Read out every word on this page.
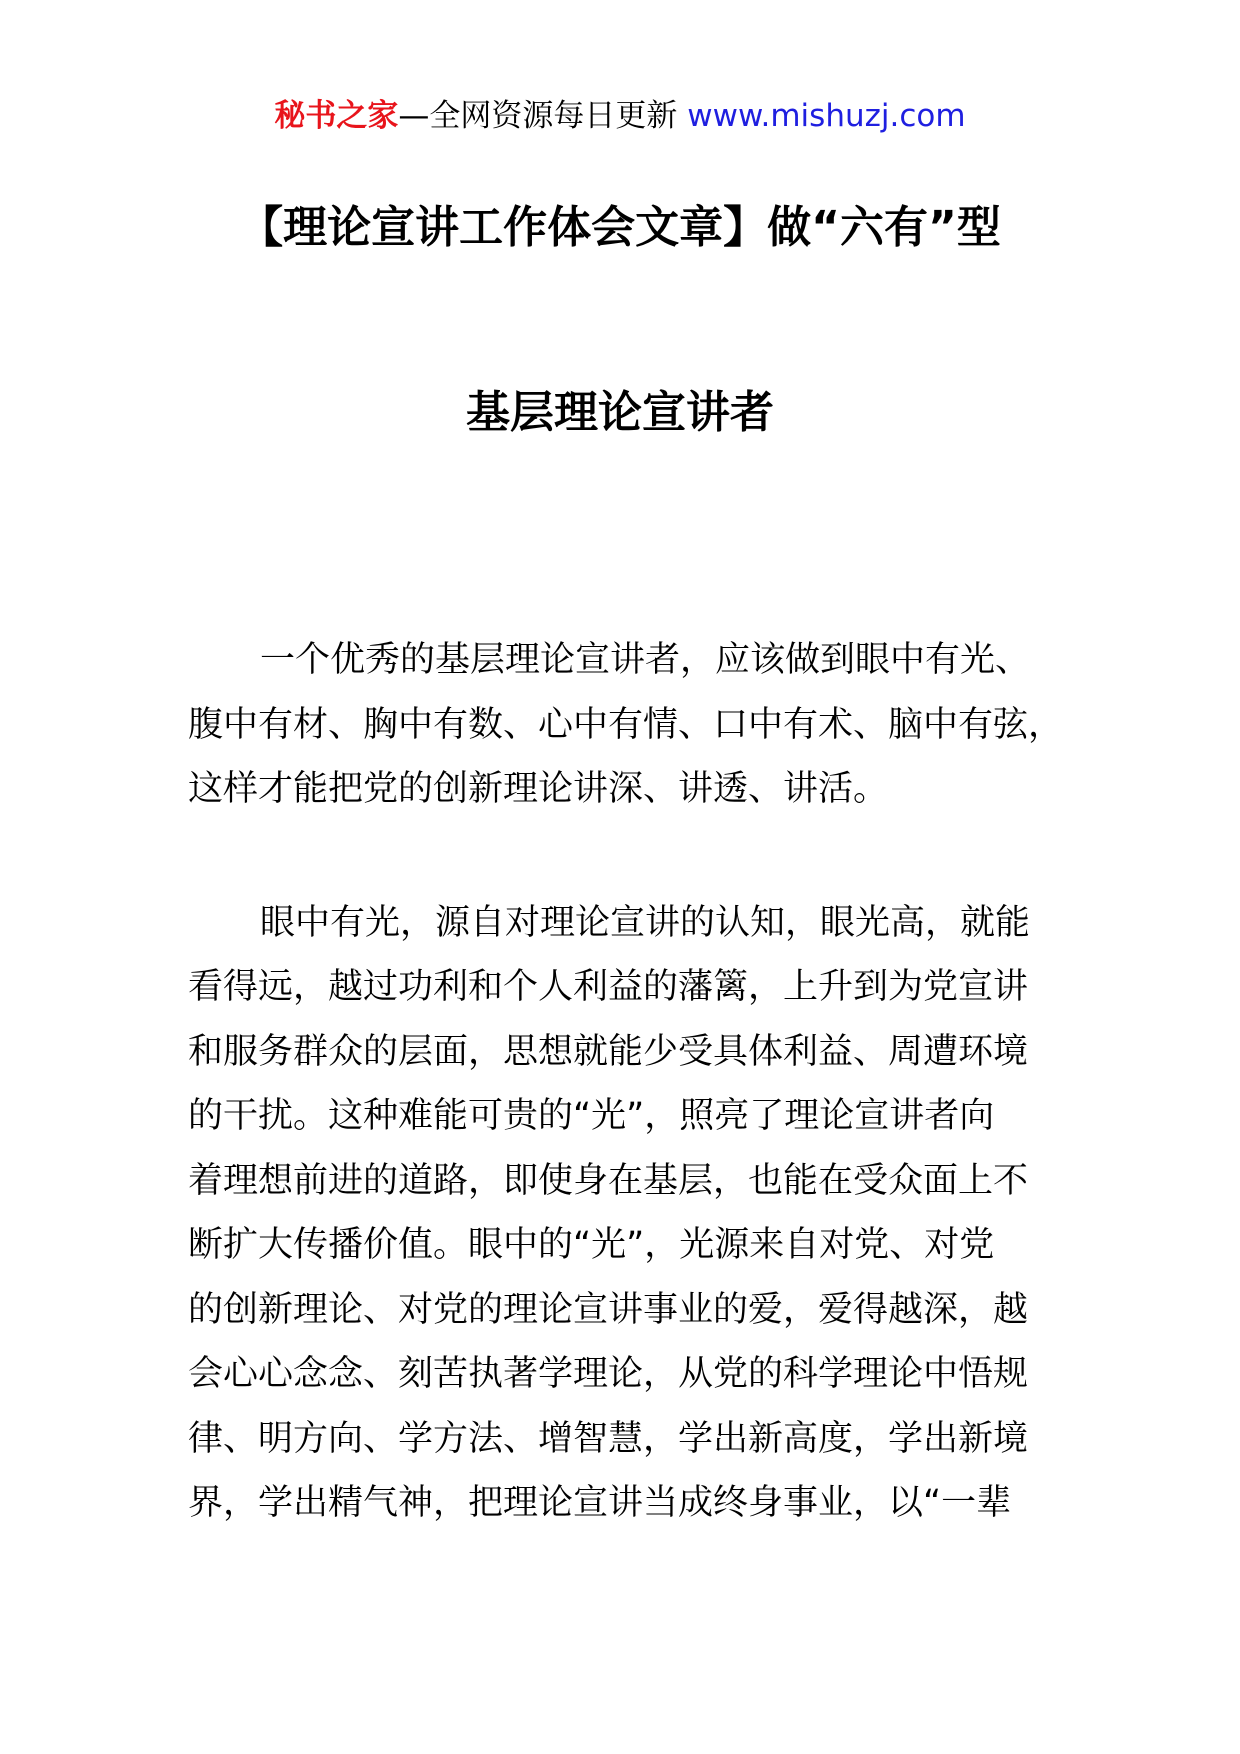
秘书之家—全网资源每日更新 www.mishuzj.com
【理论宣讲工作体会文章】做“六有”型
基层理论宣讲者

一个优秀的基层理论宣讲者，应该做到眼中有光、
腹中有材、胸中有数、心中有情、口中有术、脑中有弦，
这样才能把党的创新理论讲深、讲透、讲活。

眼中有光，源自对理论宣讲的认知，眼光高，就能
看得远，越过功利和个人利益的藩篱，上升到为党宣讲
和服务群众的层面，思想就能少受具体利益、周遭环境
的干扰。这种难能可贵的“光”，照亮了理论宣讲者向
着理想前进的道路，即使身在基层，也能在受众面上不
断扩大传播价值。眼中的“光”，光源来自对党、对党
的创新理论、对党的理论宣讲事业的爱，爱得越深，越
会心心念念、刻苦执著学理论，从党的科学理论中悟规
律、明方向、学方法、增智慧，学出新高度，学出新境
界，学出精气神，把理论宣讲当成终身事业，以“一辈
